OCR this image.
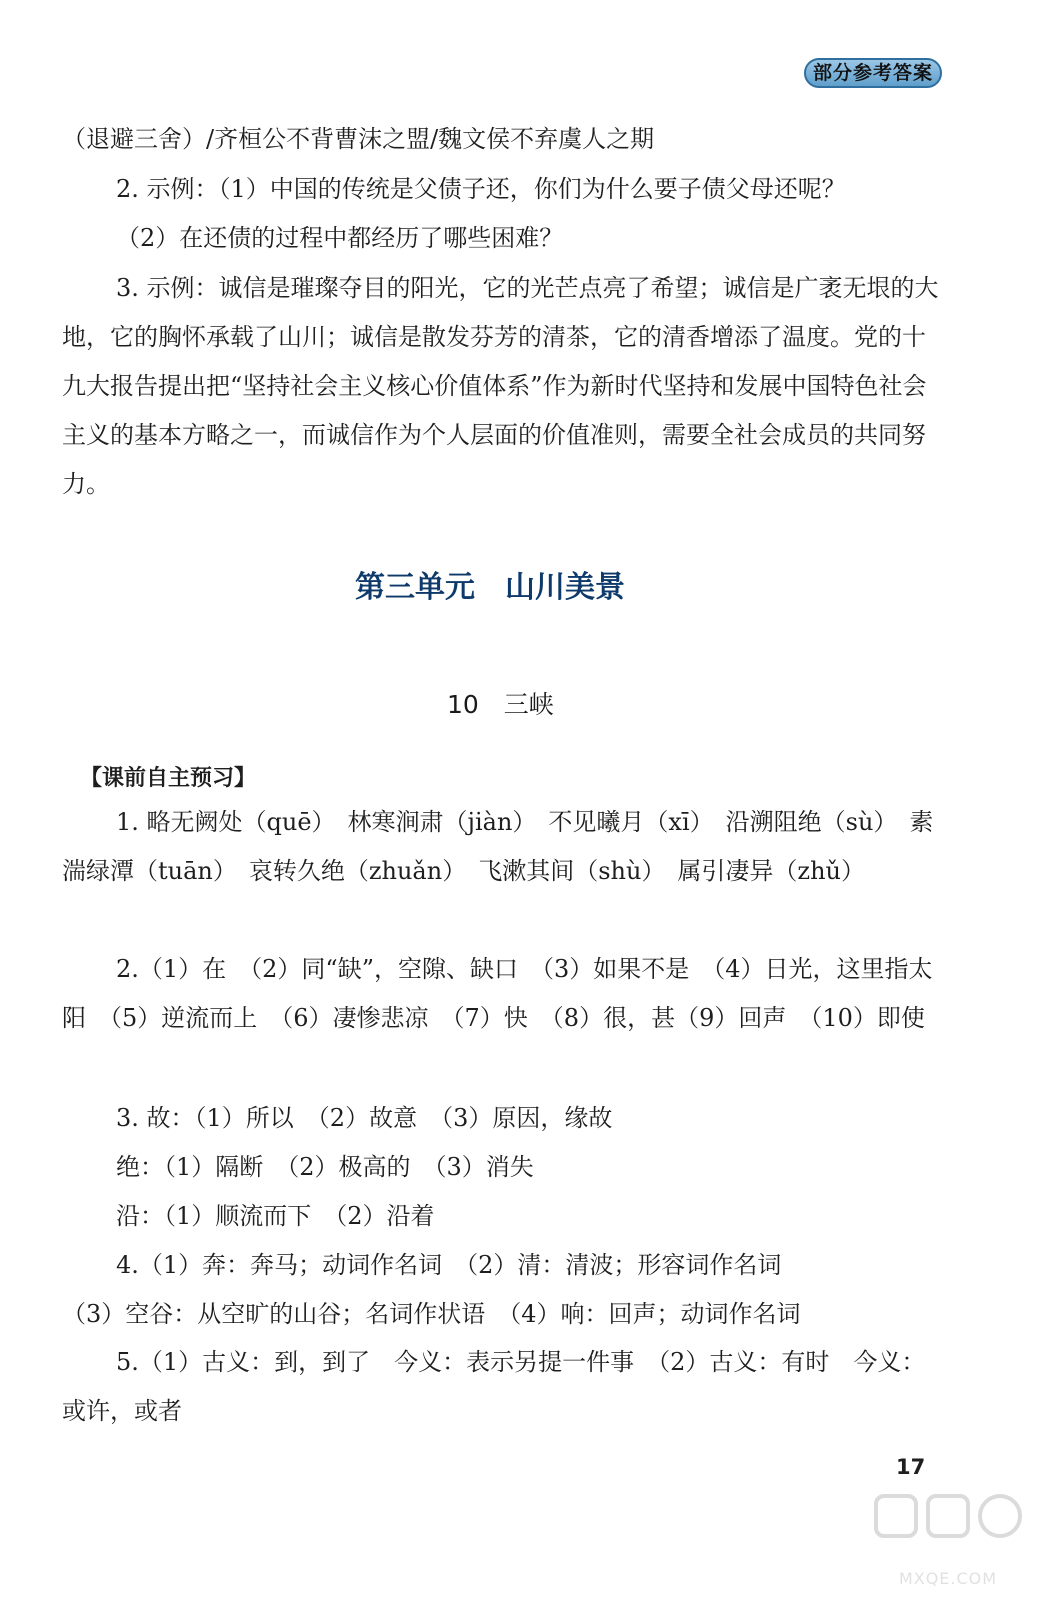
部分参考答案
（退避三舍）/齐桓公不背曹沫之盟/魏文侯不弃虞人之期
2. 示例：（1）中国的传统是父债子还，你们为什么要子债父母还呢？
（2）在还债的过程中都经历了哪些困难？
3. 示例：诚信是璀璨夺目的阳光，它的光芒点亮了希望；诚信是广袤无垠的大地，它的胸怀承载了山川；诚信是散发芬芳的清茶，它的清香增添了温度。党的十九大报告提出把“坚持社会主义核心价值体系”作为新时代坚持和发展中国特色社会主义的基本方略之一，而诚信作为个人层面的价值准则，需要全社会成员的共同努力。
第三单元　山川美景
10　三峡
【课前自主预习】
1. 略无阙处（quē）　林寒涧肃（jiàn）　不见曦月（xī）　沿溯阻绝（sù）　素湍绿潭（tuān）　哀转久绝（zhuǎn）　飞漱其间（shù）　属引凄异（zhǔ）
2.（1）在　（2）同“缺”，空隙、缺口　（3）如果不是　（4）日光，这里指太阳　（5）逆流而上　（6）凄惨悲凉　（7）快　（8）很，甚（9）回声　（10）即使
3. 故：（1）所以　（2）故意　（3）原因，缘故
绝：（1）隔断　（2）极高的　（3）消失
沿：（1）顺流而下　（2）沿着
4.（1）奔：奔马；动词作名词　（2）清：清波；形容词作名词
（3）空谷：从空旷的山谷；名词作状语　（4）响：回声；动词作名词
5.（1）古义：到，到了　今义：表示另提一件事　（2）古义：有时　今义：或许，或者
17
MXQE.COM
